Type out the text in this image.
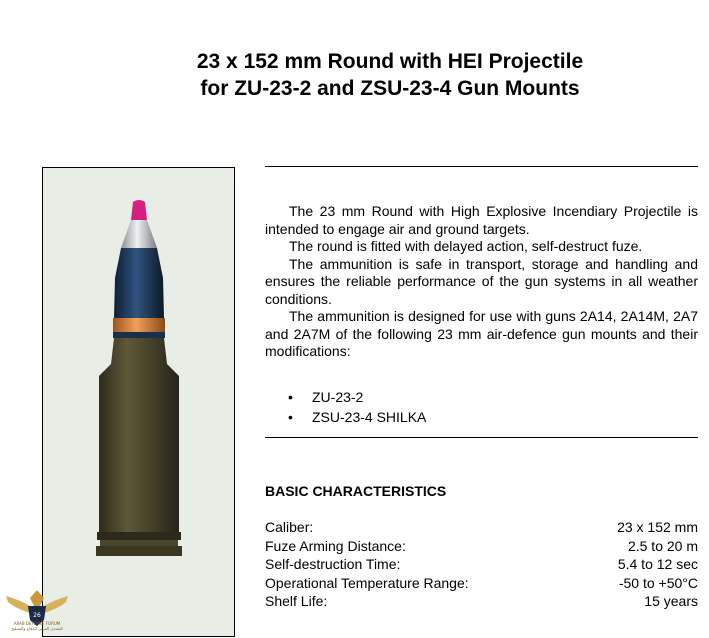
23 x 152 mm Round with HEI Projectile
for ZU-23-2 and ZSU-23-4 Gun Mounts

The 23 mm Round with High Explosive Incendiary Projectile is intended to engage air and ground targets.

The round is fitted with delayed action, self-destruct fuze.

The ammunition is safe in transport, storage and handling and ensures the reliable performance of the gun systems in all weather conditions.

The ammunition is designed for use with guns 2A14, 2A14M, 2A7 and 2A7M of the following 23 mm air-defence gun mounts and their modifications:

•	ZU-23-2
•	ZSU-23-4 SHILKA
BASIC CHARACTERISTICS
Caliber:	23 x 152 mm
Fuze Arming Distance:	2.5 to 20 m
Self-destruction Time:	5.4 to 12 sec
Operational Temperature Range:	-50 to +50°C
Shelf Life:	15 years
26
ARAB DEFENSE FORUM
المنتدى العربي للدفاع والتسليح
